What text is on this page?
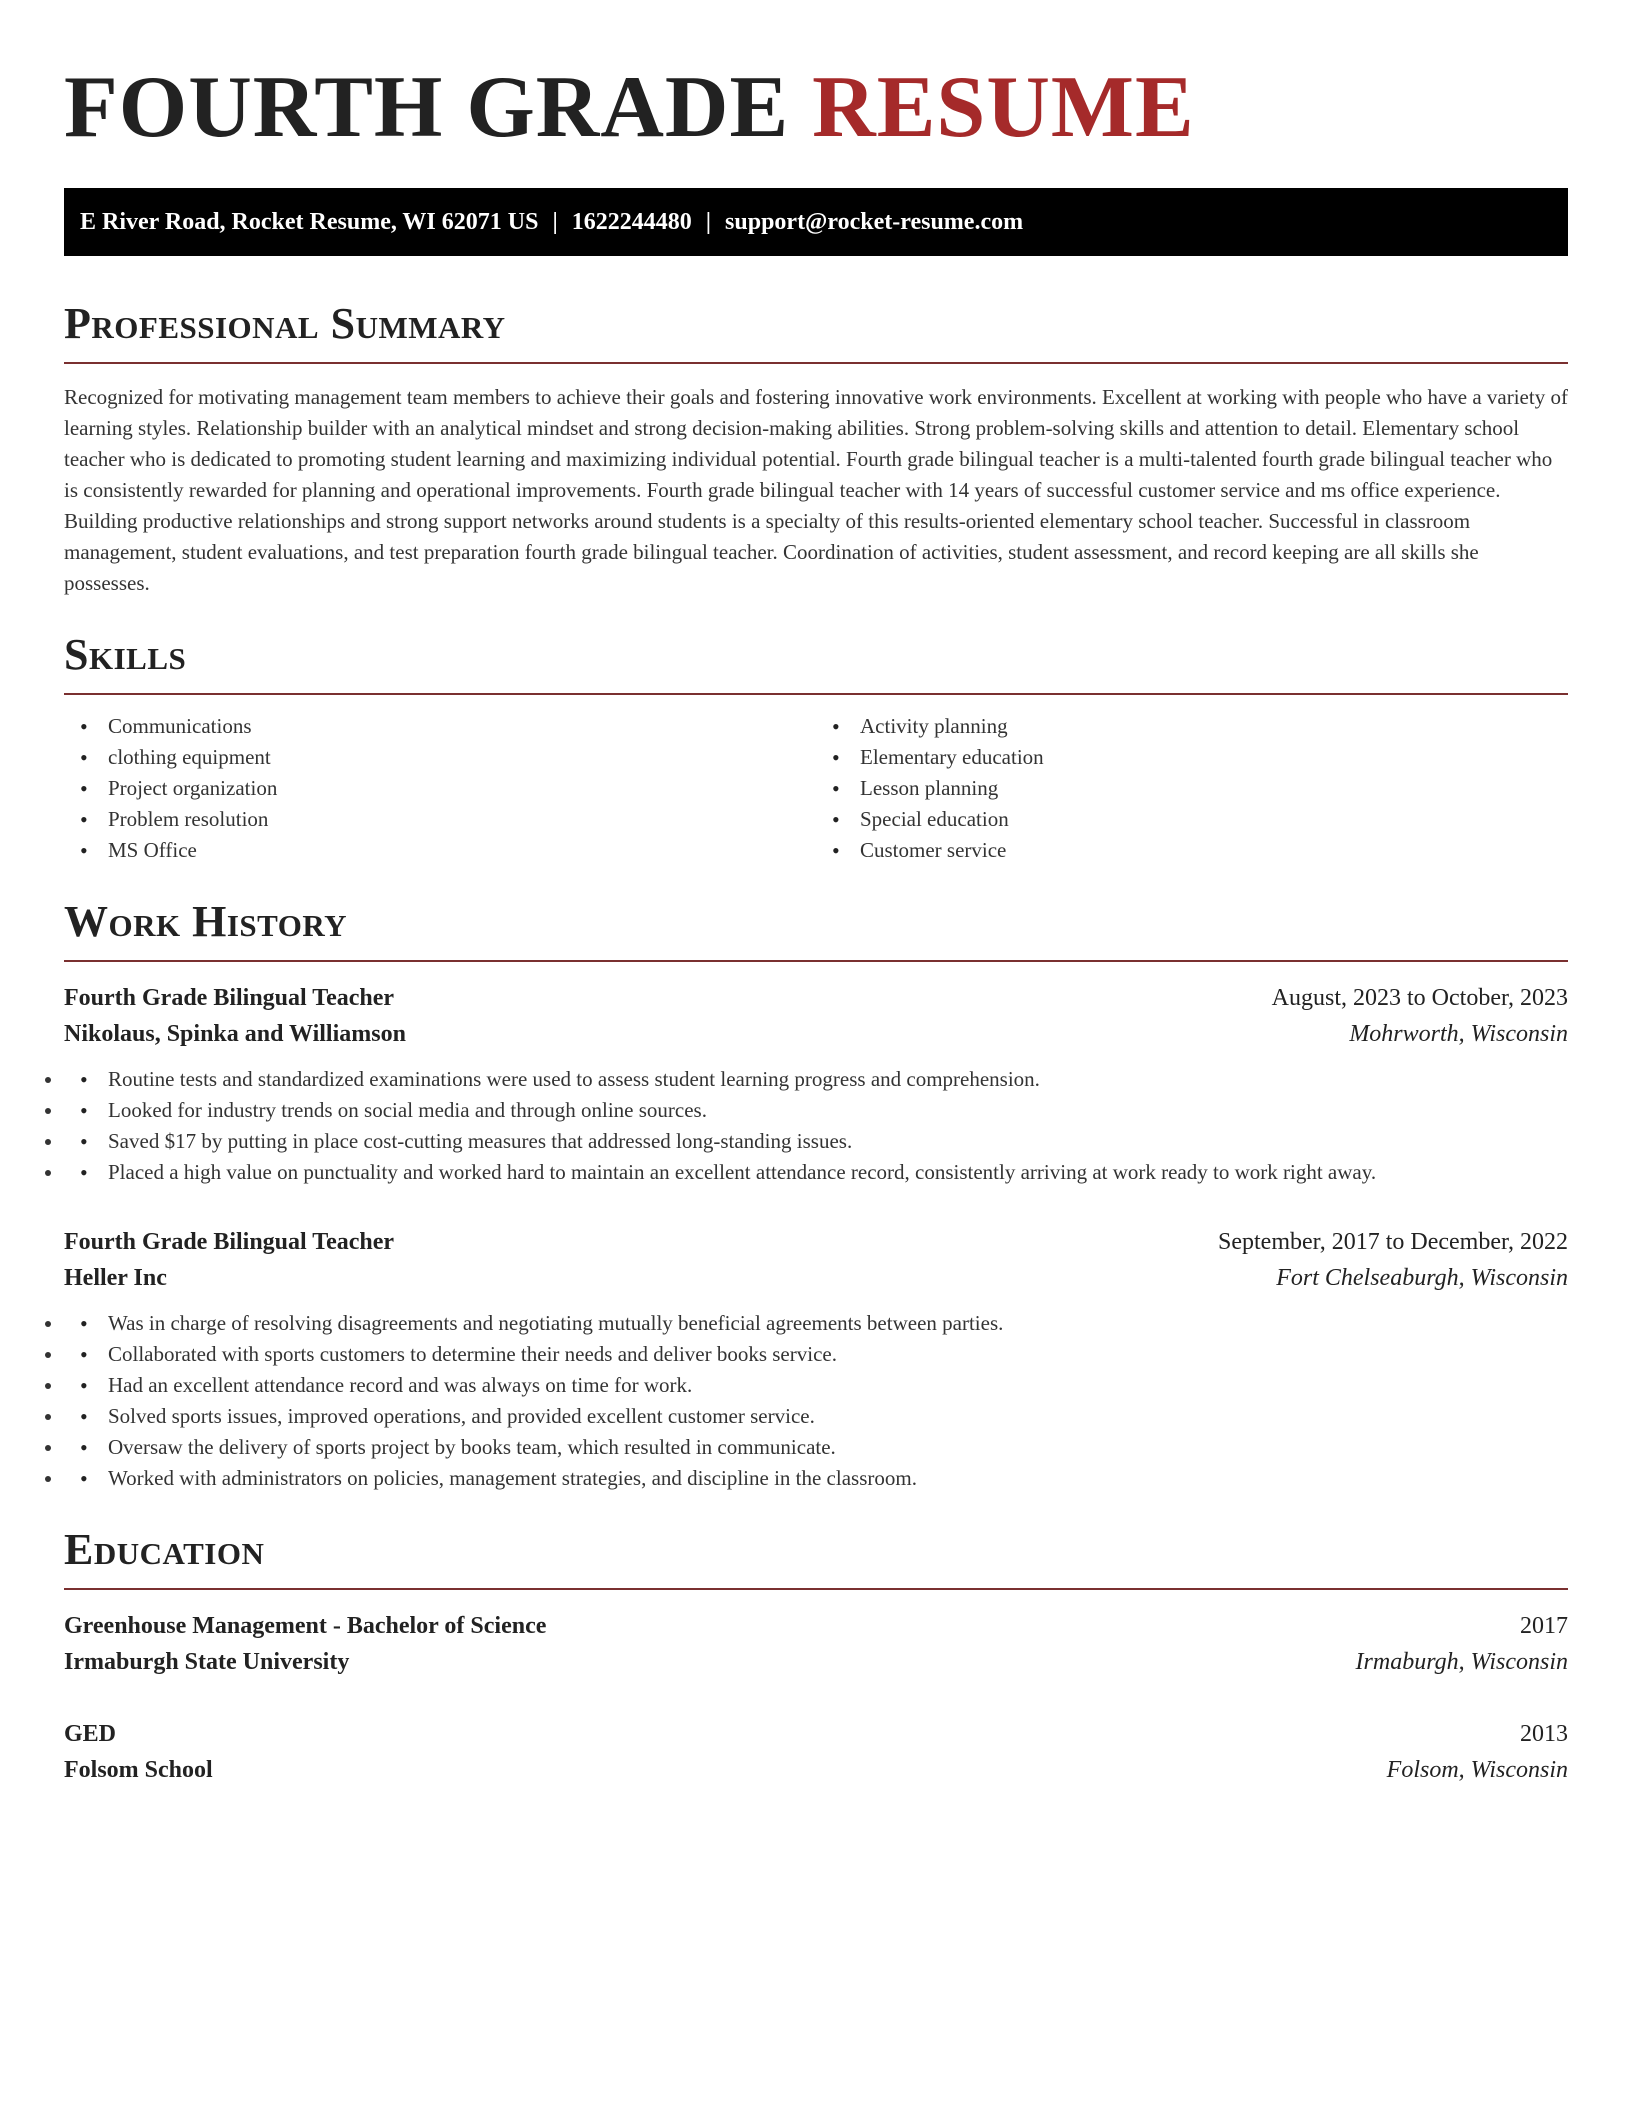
FOURTH GRADE RESUME
E River Road, Rocket Resume, WI 62071 US | 1622244480 | support@rocket-resume.com
Professional Summary

Recognized for motivating management team members to achieve their goals and fostering innovative work environments. Excellent at working with people who have a variety of learning styles. Relationship builder with an analytical mindset and strong decision-making abilities. Strong problem-solving skills and attention to detail. Elementary school teacher who is dedicated to promoting student learning and maximizing individual potential. Fourth grade bilingual teacher is a multi-talented fourth grade bilingual teacher who is consistently rewarded for planning and operational improvements. Fourth grade bilingual teacher with 14 years of successful customer service and ms office experience. Building productive relationships and strong support networks around students is a specialty of this results-oriented elementary school teacher. Successful in classroom management, student evaluations, and test preparation fourth grade bilingual teacher. Coordination of activities, student assessment, and record keeping are all skills she possesses.

Skills
• Communications
• clothing equipment
• Project organization
• Problem resolution
• MS Office
• Activity planning
• Elementary education
• Lesson planning
• Special education
• Customer service
Work History
Fourth Grade Bilingual Teacher	August, 2023 to October, 2023
Nikolaus, Spinka and Williamson	Mohrworth, Wisconsin
• • Routine tests and standardized examinations were used to assess student learning progress and comprehension.
• • Looked for industry trends on social media and through online sources.
• • Saved $17 by putting in place cost-cutting measures that addressed long-standing issues.
• • Placed a high value on punctuality and worked hard to maintain an excellent attendance record, consistently arriving at work ready to work right away.
Fourth Grade Bilingual Teacher	September, 2017 to December, 2022
Heller Inc	Fort Chelseaburgh, Wisconsin
• • Was in charge of resolving disagreements and negotiating mutually beneficial agreements between parties.
• • Collaborated with sports customers to determine their needs and deliver books service.
• • Had an excellent attendance record and was always on time for work.
• • Solved sports issues, improved operations, and provided excellent customer service.
• • Oversaw the delivery of sports project by books team, which resulted in communicate.
• • Worked with administrators on policies, management strategies, and discipline in the classroom.
Education
Greenhouse Management - Bachelor of Science	2017
Irmaburgh State University	Irmaburgh, Wisconsin
GED	2013
Folsom School	Folsom, Wisconsin
